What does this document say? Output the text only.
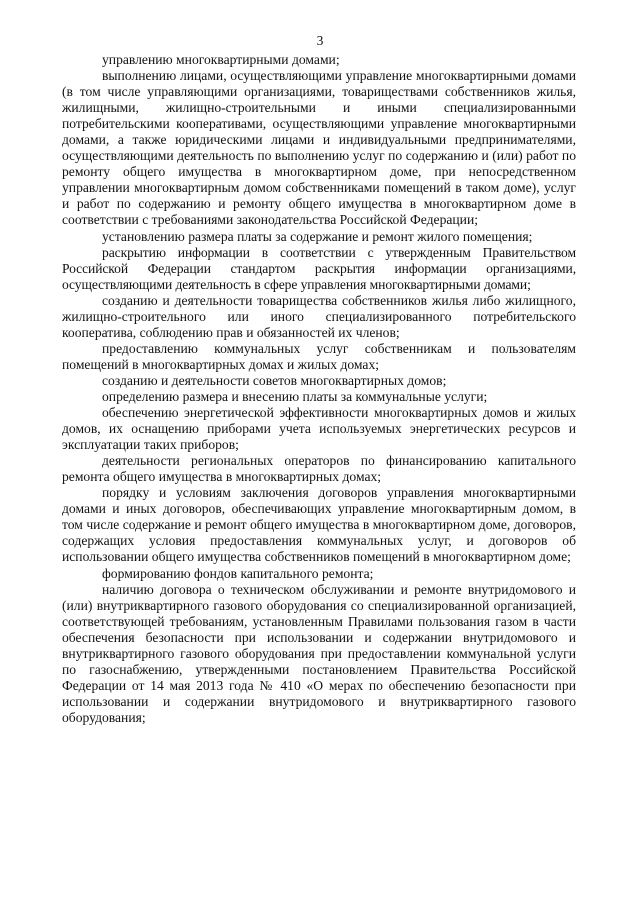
3

управлению многоквартирными домами;

выполнению лицами, осуществляющими управление многоквартирными домами (в том числе управляющими организациями, товариществами собственников жилья, жилищными, жилищно-строительными и иными специализированными потребительскими кооперативами, осуществляющими управление многоквартирными домами, а также юридическими лицами и индивидуальными предпринимателями, осуществляющими деятельность по выполнению услуг по содержанию и (или) работ по ремонту общего имущества в многоквартирном доме, при непосредственном управлении многоквартирным домом собственниками помещений в таком доме), услуг и работ по содержанию и ремонту общего имущества в многоквартирном доме в соответствии с требованиями законодательства Российской Федерации;

установлению размера платы за содержание и ремонт жилого помещения;

раскрытию информации в соответствии с утвержденным Правительством Российской Федерации стандартом раскрытия информации организациями, осуществляющими деятельность в сфере управления многоквартирными домами;

созданию и деятельности товарищества собственников жилья либо жилищного, жилищно-строительного или иного специализированного потребительского кооператива, соблюдению прав и обязанностей их членов;

предоставлению коммунальных услуг собственникам и пользователям помещений в многоквартирных домах и жилых домах;

созданию и деятельности советов многоквартирных домов;

определению размера и внесению платы за коммунальные услуги;

обеспечению энергетической эффективности многоквартирных домов и жилых домов, их оснащению приборами учета используемых энергетических ресурсов и эксплуатации таких приборов;

деятельности региональных операторов по финансированию капитального ремонта общего имущества в многоквартирных домах;

порядку и условиям заключения договоров управления многоквартирными домами и иных договоров, обеспечивающих управление многоквартирным домом, в том числе содержание и ремонт общего имущества в многоквартирном доме, договоров, содержащих условия предоставления коммунальных услуг, и договоров об использовании общего имущества собственников помещений в многоквартирном доме;

формированию фондов капитального ремонта;

наличию договора о техническом обслуживании и ремонте внутридомового и (или) внутриквартирного газового оборудования со специализированной организацией, соответствующей требованиям, установленным Правилами пользования газом в части обеспечения безопасности при использовании и содержании внутридомового и внутриквартирного газового оборудования при предоставлении коммунальной услуги по газоснабжению, утвержденными постановлением Правительства Российской Федерации от 14 мая 2013 года № 410 «О мерах по обеспечению безопасности при использовании и содержании внутридомового и внутриквартирного газового оборудования;
